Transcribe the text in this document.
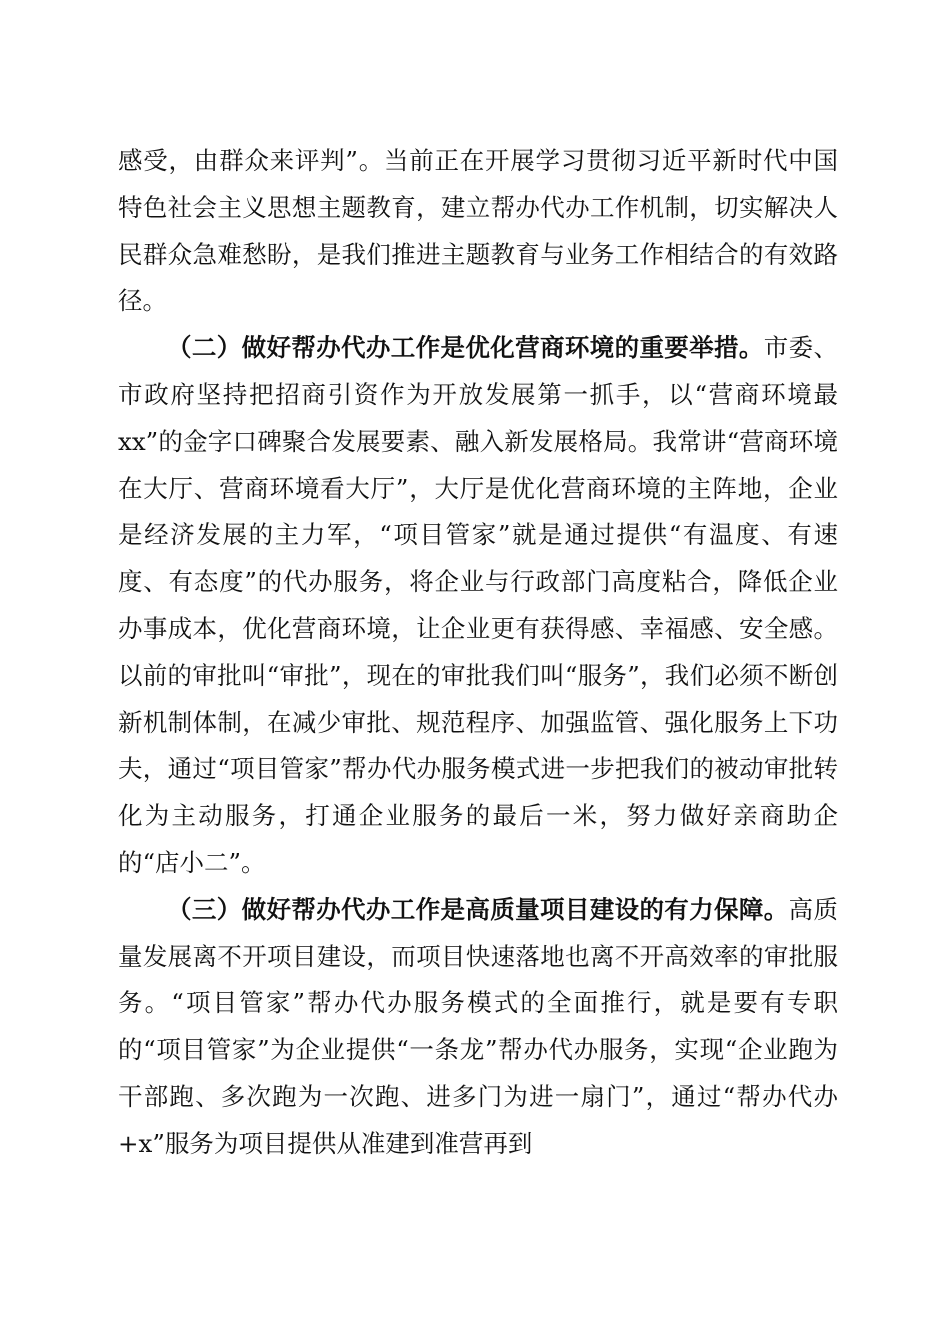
感受，由群众来评判”。当前正在开展学习贯彻习近平新时代中国特色社会主义思想主题教育，建立帮办代办工作机制，切实解决人民群众急难愁盼，是我们推进主题教育与业务工作相结合的有效路径。

（二）做好帮办代办工作是优化营商环境的重要举措。市委、市政府坚持把招商引资作为开放发展第一抓手，以“营商环境最xx”的金字口碑聚合发展要素、融入新发展格局。我常讲“营商环境在大厅、营商环境看大厅”，大厅是优化营商环境的主阵地，企业是经济发展的主力军，“项目管家”就是通过提供“有温度、有速度、有态度”的代办服务，将企业与行政部门高度粘合，降低企业办事成本，优化营商环境，让企业更有获得感、幸福感、安全感。以前的审批叫“审批”，现在的审批我们叫“服务”，我们必须不断创新机制体制，在减少审批、规范程序、加强监管、强化服务上下功夫，通过“项目管家”帮办代办服务模式进一步把我们的被动审批转化为主动服务，打通企业服务的最后一米，努力做好亲商助企的“店小二”。

（三）做好帮办代办工作是高质量项目建设的有力保障。高质量发展离不开项目建设，而项目快速落地也离不开高效率的审批服务。“项目管家”帮办代办服务模式的全面推行，就是要有专职的“项目管家”为企业提供“一条龙”帮办代办服务，实现“企业跑为干部跑、多次跑为一次跑、进多门为进一扇门”，通过“帮办代办+x”服务为项目提供从准建到准营再到
